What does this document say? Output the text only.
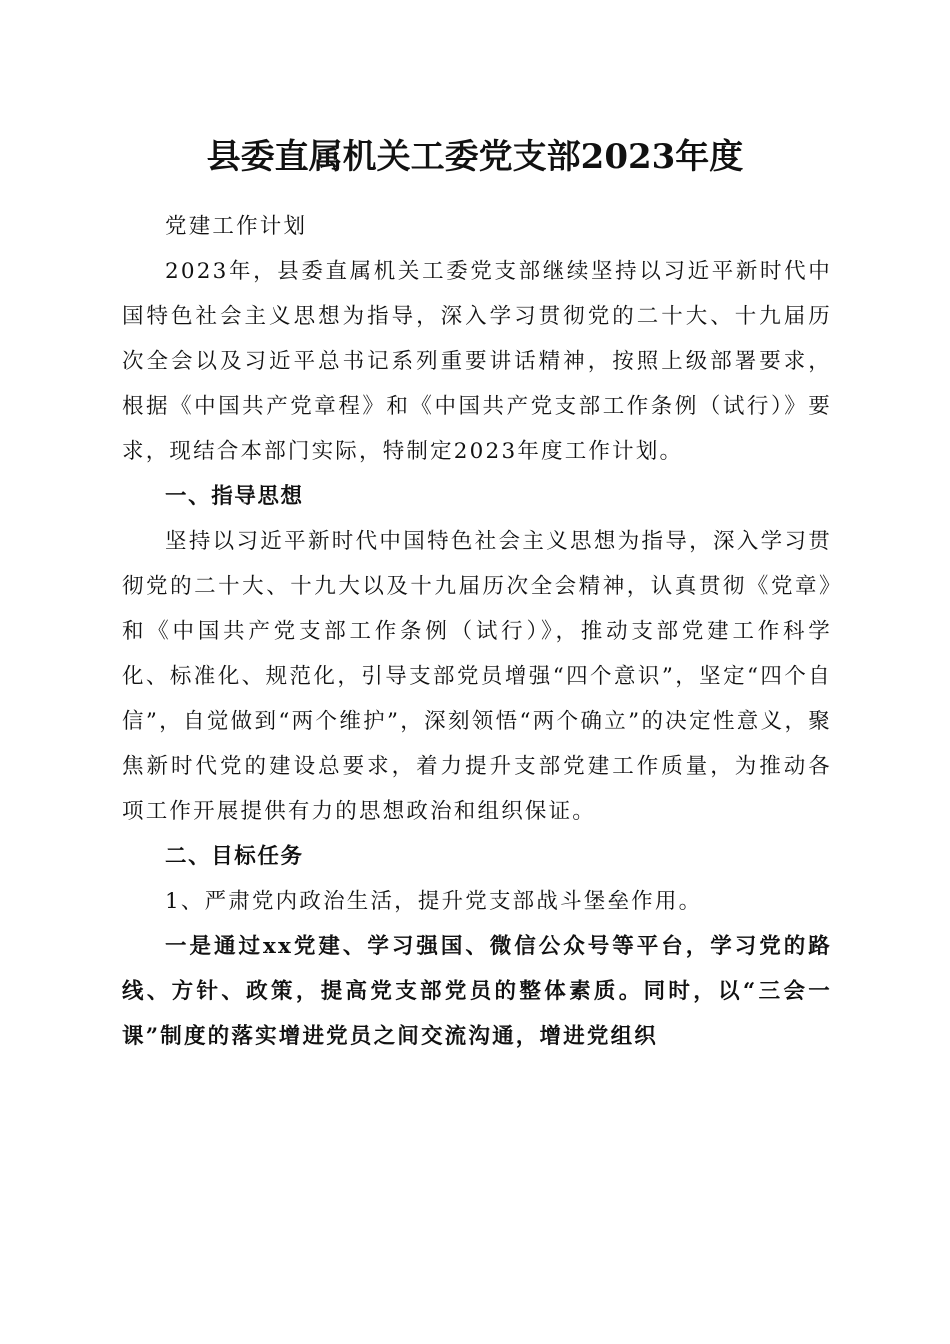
县委直属机关工委党支部2023年度

党建工作计划

2023年，县委直属机关工委党支部继续坚持以习近平新时代中国特色社会主义思想为指导，深入学习贯彻党的二十大、十九届历次全会以及习近平总书记系列重要讲话精神，按照上级部署要求，根据《中国共产党章程》和《中国共产党支部工作条例（试行）》要求，现结合本部门实际，特制定2023年度工作计划。

一、指导思想

坚持以习近平新时代中国特色社会主义思想为指导，深入学习贯彻党的二十大、十九大以及十九届历次全会精神，认真贯彻《党章》和《中国共产党支部工作条例（试行）》，推动支部党建工作科学化、标准化、规范化，引导支部党员增强“四个意识”，坚定“四个自信”，自觉做到“两个维护”，深刻领悟“两个确立”的决定性意义，聚焦新时代党的建设总要求，着力提升支部党建工作质量，为推动各项工作开展提供有力的思想政治和组织保证。

二、目标任务

1、严肃党内政治生活，提升党支部战斗堡垒作用。

一是通过xx党建、学习强国、微信公众号等平台，学习党的路线、方针、政策，提高党支部党员的整体素质。同时，以“三会一课”制度的落实增进党员之间交流沟通，增进党组织
